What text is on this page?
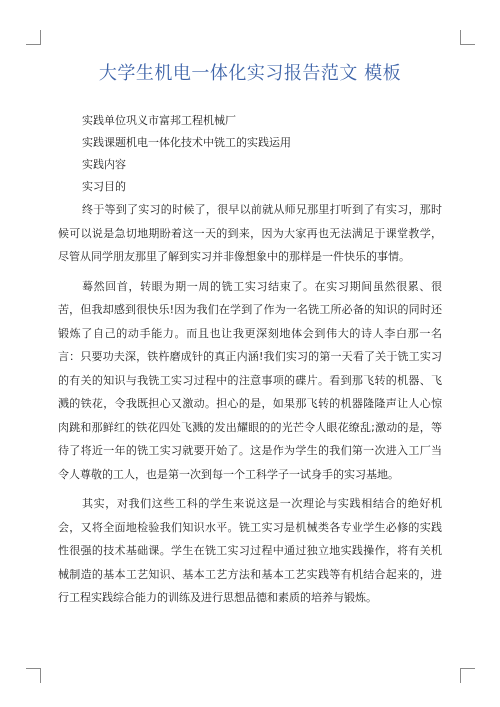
大学生机电一体化实习报告范文 模板

实践单位巩义市富邦工程机械厂

实践课题机电一体化技术中铣工的实践运用

实践内容

实习目的

终于等到了实习的时候了，很早以前就从师兄那里打听到了有实习，那时候可以说是急切地期盼着这一天的到来，因为大家再也无法满足于课堂教学，尽管从同学朋友那里了解到实习并非像想象中的那样是一件快乐的事情。

蓦然回首，转眼为期一周的铣工实习结束了。在实习期间虽然很累、很苦，但我却感到很快乐!因为我们在学到了作为一名铣工所必备的知识的同时还锻炼了自己的动手能力。而且也让我更深刻地体会到伟大的诗人李白那一名言：只要功夫深，铁杵磨成针的真正内涵!我们实习的第一天看了关于铣工实习的有关的知识与我铣工实习过程中的注意事项的碟片。看到那飞转的机器、飞溅的铁花，令我既担心又激动。担心的是，如果那飞转的机器隆隆声让人心惊肉跳和那鲜红的铁花四处飞溅的发出耀眼的的光芒令人眼花缭乱;激动的是，等待了将近一年的铣工实习就要开始了。这是作为学生的我们第一次进入工厂当令人尊敬的工人，也是第一次到每一个工科学子一试身手的实习基地。

其实，对我们这些工科的学生来说这是一次理论与实践相结合的绝好机会，又将全面地检验我们知识水平。铣工实习是机械类各专业学生必修的实践性很强的技术基础课。学生在铣工实习过程中通过独立地实践操作，将有关机械制造的基本工艺知识、基本工艺方法和基本工艺实践等有机结合起来的，进行工程实践综合能力的训练及进行思想品德和素质的培养与锻炼。
